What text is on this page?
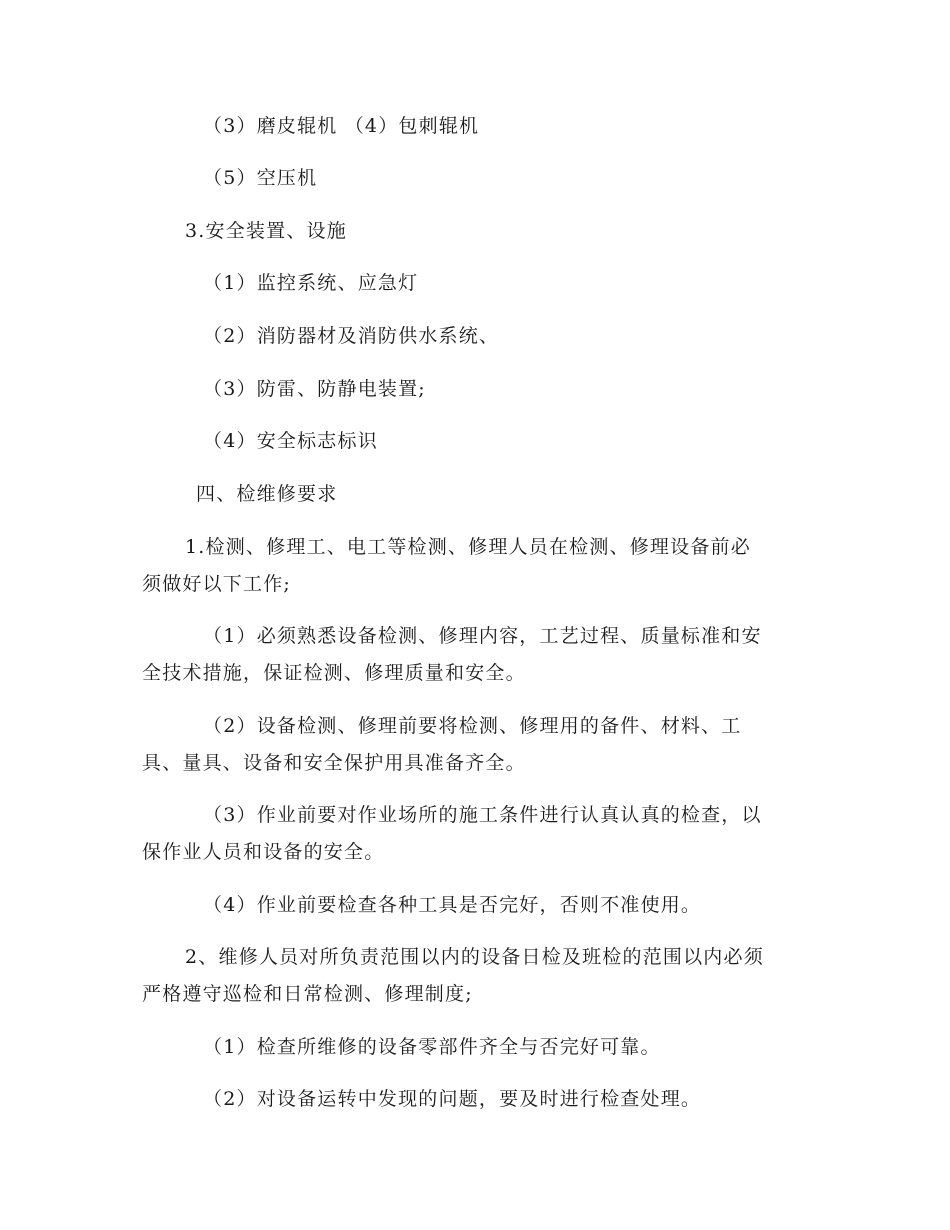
（3）磨皮辊机 （4）包刺辊机
（5）空压机
3.安全装置、设施
（1）监控系统、应急灯
（2）消防器材及消防供水系统、
（3）防雷、防静电装置;
（4）安全标志标识
四、检维修要求
1.检测、修理工、电工等检测、修理人员在检测、修理设备前必
须做好以下工作;
（1）必须熟悉设备检测、修理内容，工艺过程、质量标准和安
全技术措施，保证检测、修理质量和安全。
（2）设备检测、修理前要将检测、修理用的备件、材料、工
具、量具、设备和安全保护用具准备齐全。
（3）作业前要对作业场所的施工条件进行认真认真的检查，以
保作业人员和设备的安全。
（4）作业前要检查各种工具是否完好，否则不准使用。
2、维修人员对所负责范围以内的设备日检及班检的范围以内必须
严格遵守巡检和日常检测、修理制度;
（1）检查所维修的设备零部件齐全与否完好可靠。
（2）对设备运转中发现的问题，要及时进行检查处理。
